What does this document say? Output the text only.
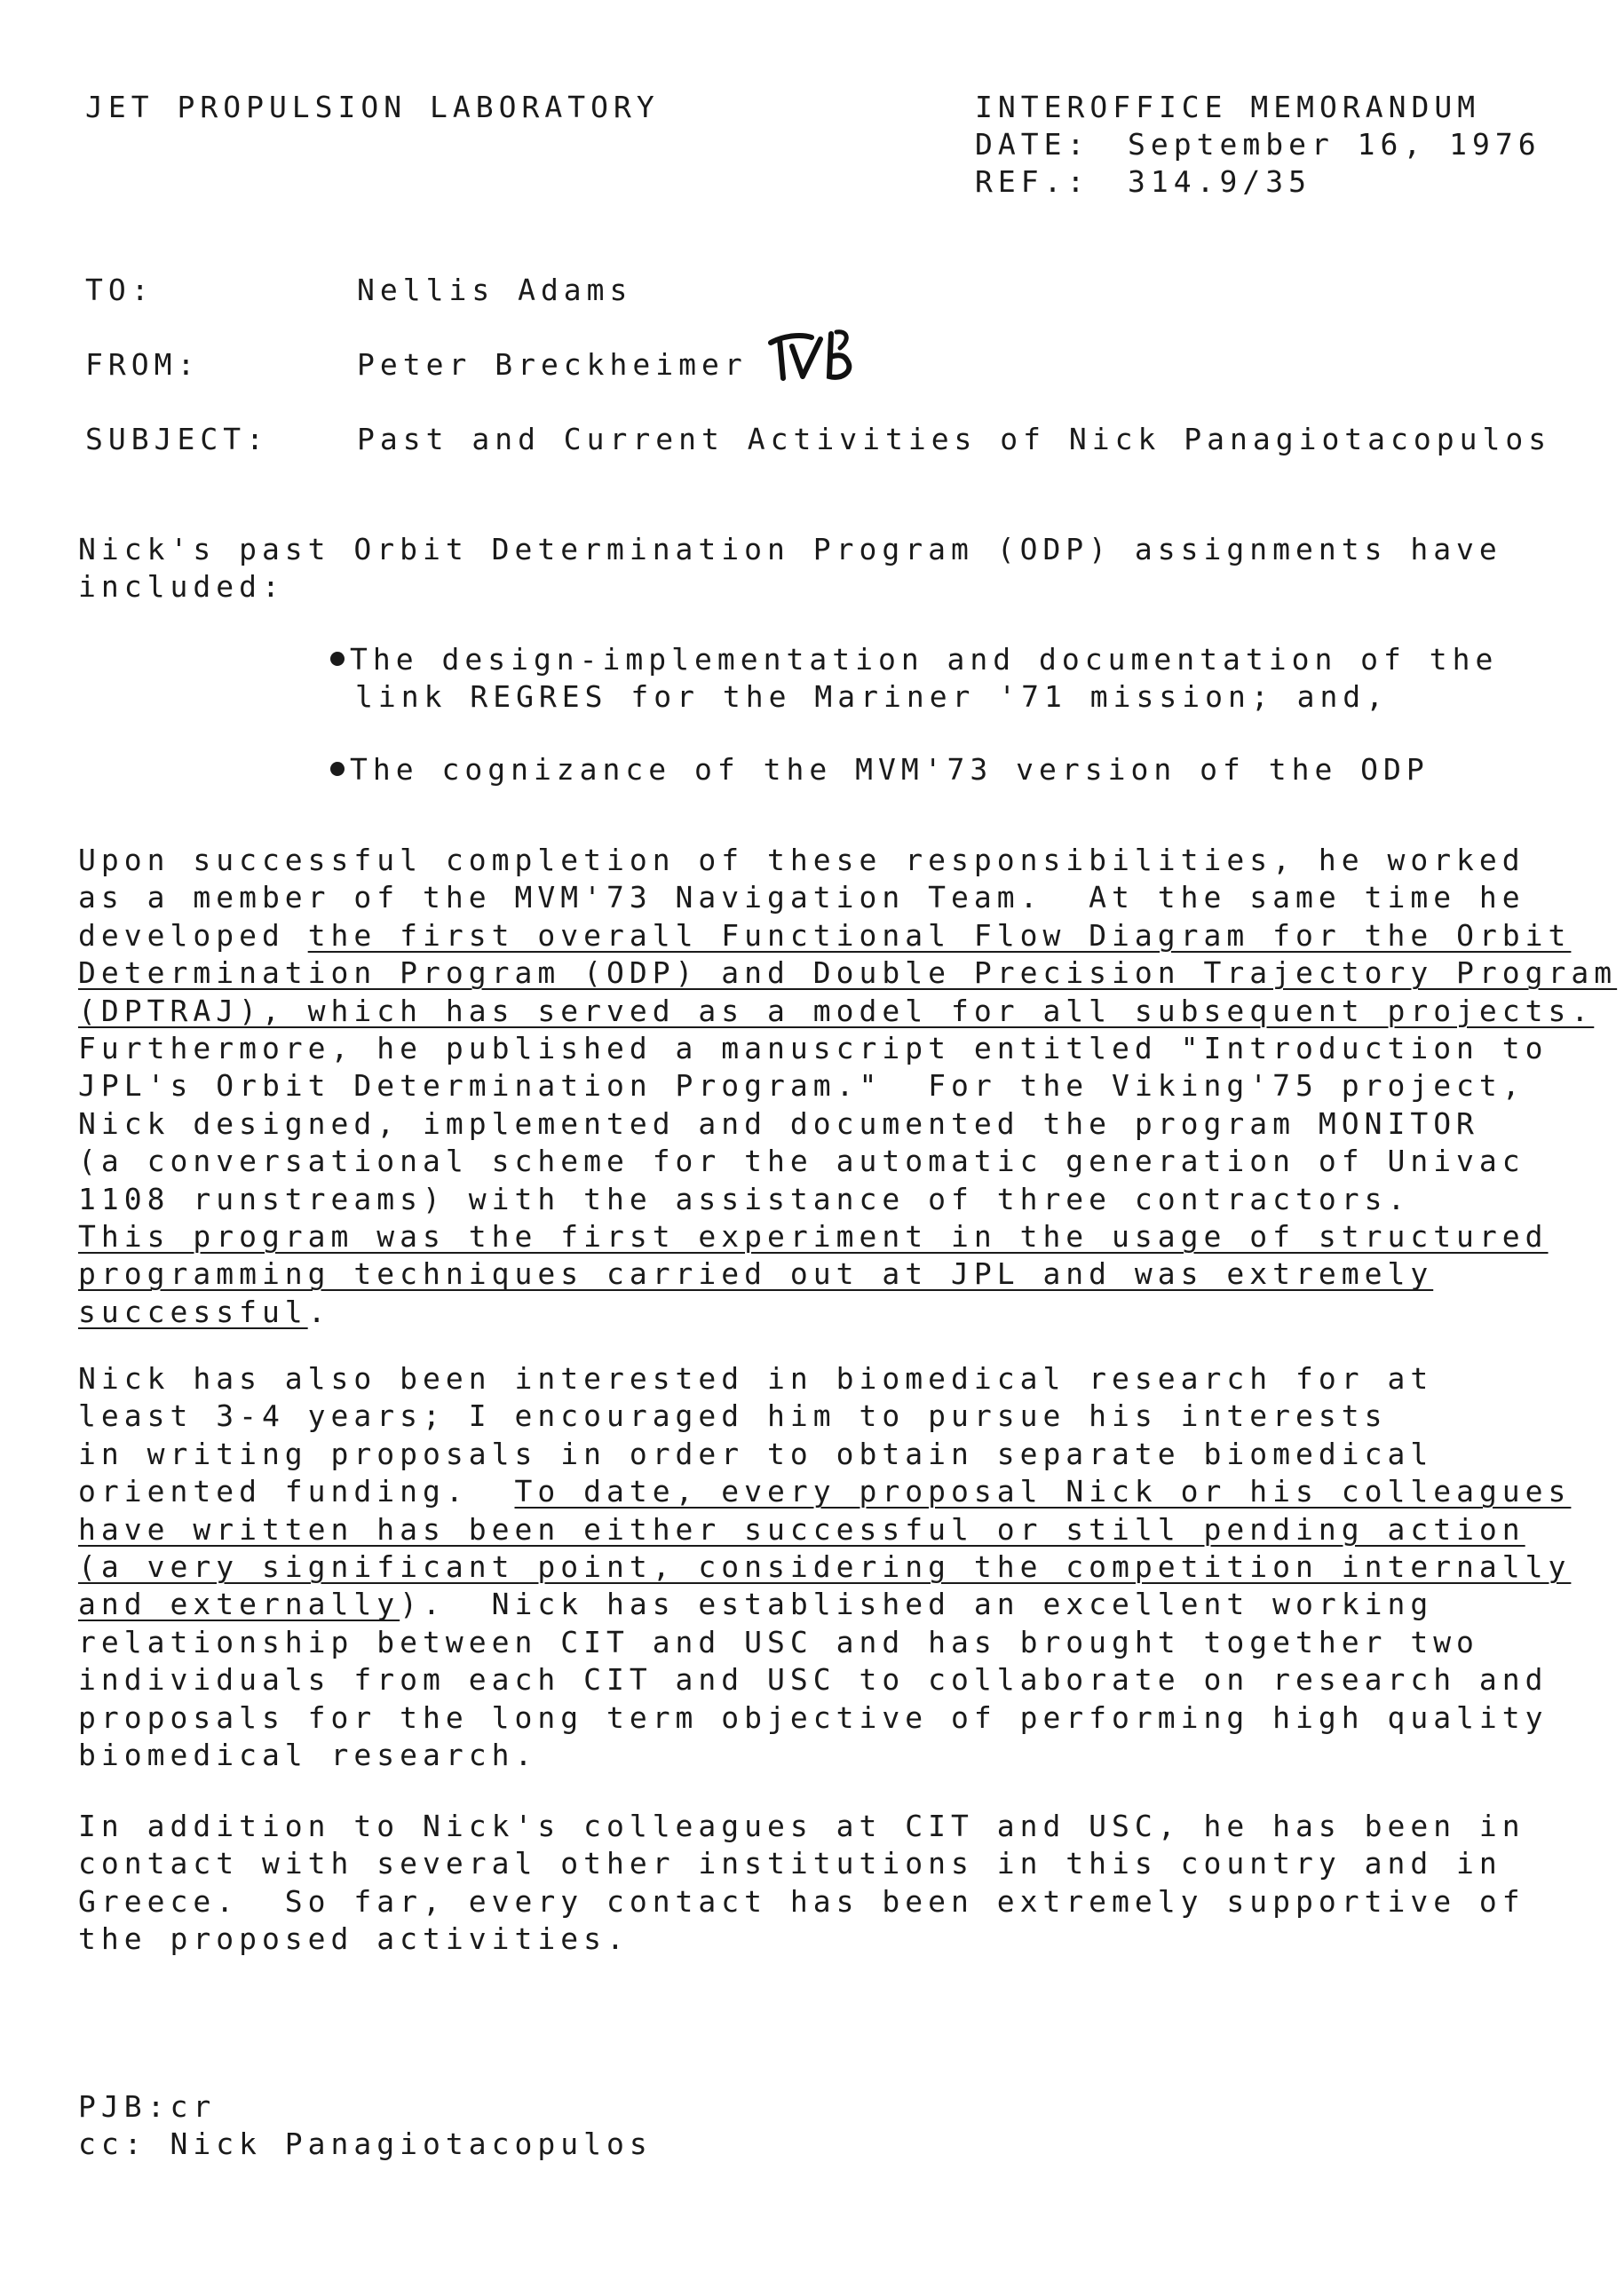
JET PROPULSION LABORATORY	INTEROFFICE MEMORANDUM
DATE: September 16, 1976
REF.: 314.9/35
TO:	Nellis Adams
FROM:	Peter Breckheimer
SUBJECT:	Past and Current Activities of Nick Panagiotacopulos
Nick's past Orbit Determination Program (ODP) assignments have
included:
The design-implementation and documentation of the
link REGRES for the Mariner '71 mission; and,
The cognizance of the MVM'73 version of the ODP
Upon successful completion of these responsibilities, he worked
as a member of the MVM'73 Navigation Team.  At the same time he
developed the first overall Functional Flow Diagram for the Orbit
Determination Program (ODP) and Double Precision Trajectory Program
(DPTRAJ), which has served as a model for all subsequent projects.
Furthermore, he published a manuscript entitled "Introduction to
JPL's Orbit Determination Program."  For the Viking'75 project,
Nick designed, implemented and documented the program MONITOR
(a conversational scheme for the automatic generation of Univac
1108 runstreams) with the assistance of three contractors.
This program was the first experiment in the usage of structured
programming techniques carried out at JPL and was extremely
successful.
Nick has also been interested in biomedical research for at
least 3-4 years; I encouraged him to pursue his interests
in writing proposals in order to obtain separate biomedical
oriented funding.  To date, every proposal Nick or his colleagues
have written has been either successful or still pending action
(a very significant point, considering the competition internally
and externally).  Nick has established an excellent working
relationship between CIT and USC and has brought together two
individuals from each CIT and USC to collaborate on research and
proposals for the long term objective of performing high quality
biomedical research.
In addition to Nick's colleagues at CIT and USC, he has been in
contact with several other institutions in this country and in
Greece.  So far, every contact has been extremely supportive of
the proposed activities.
PJB:cr
cc: Nick Panagiotacopulos
